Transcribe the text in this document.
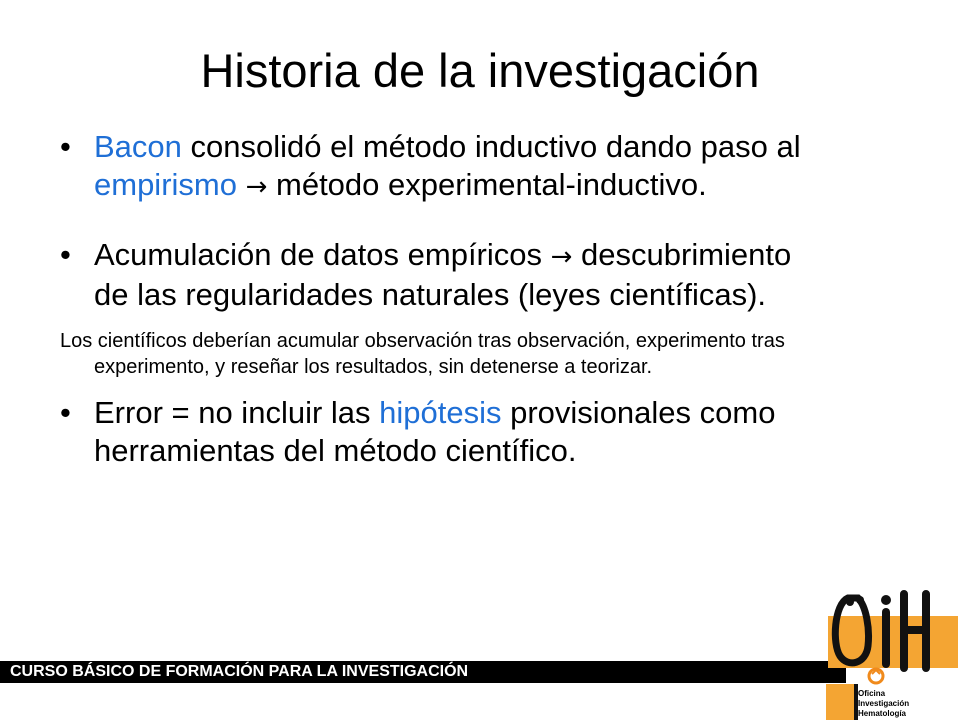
Historia de la investigación
• Bacon consolidó el método inductivo dando paso al empirismo → método experimental-inductivo.
• Acumulación de datos empíricos → descubrimiento de las regularidades naturales (leyes científicas).
Los científicos deberían acumular observación tras observación, experimento tras experimento, y reseñar los resultados, sin detenerse a teorizar.
• Error = no incluir las hipótesis provisionales como herramientas del método científico.
CURSO BÁSICO DE FORMACIÓN PARA LA INVESTIGACIÓN
Oficina
Investigación
Hematología
